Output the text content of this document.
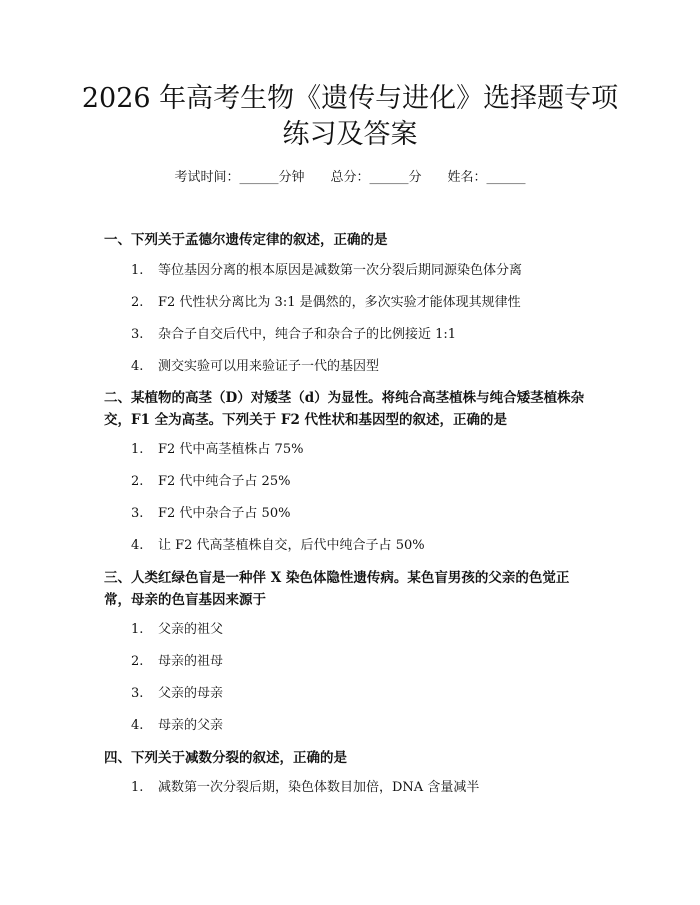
2026 年高考生物《遗传与进化》选择题专项
练习及答案
考试时间：______分钟 总分：______分 姓名：______
一、下列关于孟德尔遗传定律的叙述，正确的是
1. 等位基因分离的根本原因是减数第一次分裂后期同源染色体分离
2. F2 代性状分离比为 3:1 是偶然的，多次实验才能体现其规律性
3. 杂合子自交后代中，纯合子和杂合子的比例接近 1:1
4. 测交实验可以用来验证子一代的基因型
二、某植物的高茎（D）对矮茎（d）为显性。将纯合高茎植株与纯合矮茎植株杂
交，F1 全为高茎。下列关于 F2 代性状和基因型的叙述，正确的是
1. F2 代中高茎植株占 75%
2. F2 代中纯合子占 25%
3. F2 代中杂合子占 50%
4. 让 F2 代高茎植株自交，后代中纯合子占 50%
三、人类红绿色盲是一种伴 X 染色体隐性遗传病。某色盲男孩的父亲的色觉正
常，母亲的色盲基因来源于
1. 父亲的祖父
2. 母亲的祖母
3. 父亲的母亲
4. 母亲的父亲
四、下列关于减数分裂的叙述，正确的是
1. 减数第一次分裂后期，染色体数目加倍，DNA 含量减半
